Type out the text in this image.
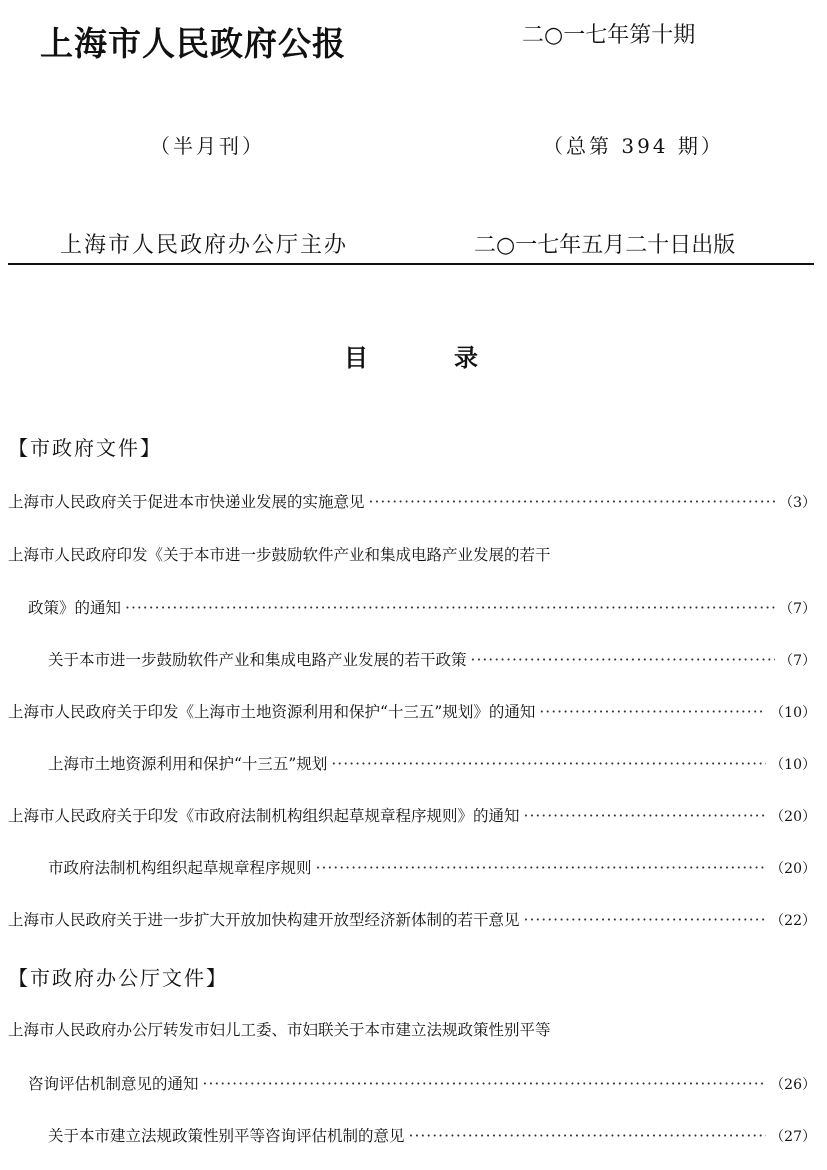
上海市人民政府公报	二○一七年第十期
（半月刊）	（总第 394 期）
上海市人民政府办公厅主办	二○一七年五月二十日出版
目	录
【市政府文件】
上海市人民政府关于促进本市快递业发展的实施意见 ·····	（3）
上海市人民政府印发《关于本市进一步鼓励软件产业和集成电路产业发展的若干
政策》的通知 ·····	（7）
关于本市进一步鼓励软件产业和集成电路产业发展的若干政策 ·····	（7）
上海市人民政府关于印发《上海市土地资源利用和保护“十三五”规划》的通知 ·····	（10）
上海市土地资源利用和保护“十三五”规划 ·····	（10）
上海市人民政府关于印发《市政府法制机构组织起草规章程序规则》的通知 ·····	（20）
市政府法制机构组织起草规章程序规则 ·····	（20）
上海市人民政府关于进一步扩大开放加快构建开放型经济新体制的若干意见 ·····	（22）
【市政府办公厅文件】
上海市人民政府办公厅转发市妇儿工委、市妇联关于本市建立法规政策性别平等
咨询评估机制意见的通知 ·····	（26）
关于本市建立法规政策性别平等咨询评估机制的意见 ·····	（27）
